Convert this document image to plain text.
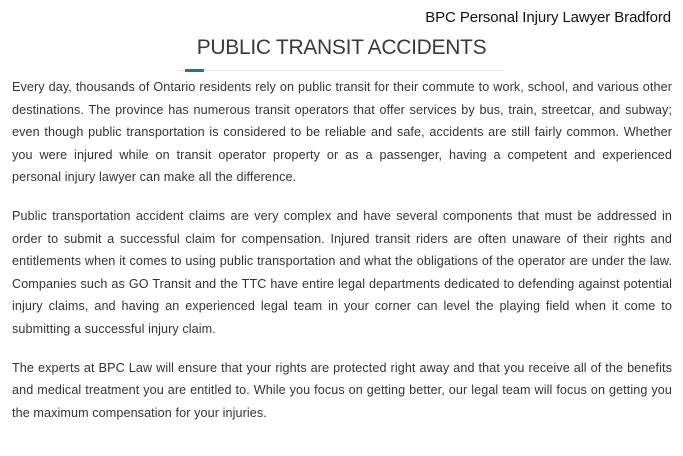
BPC Personal Injury Lawyer Bradford
PUBLIC TRANSIT ACCIDENTS

Every day, thousands of Ontario residents rely on public transit for their commute to work, school, and various other destinations. The province has numerous transit operators that offer services by bus, train, streetcar, and subway; even though public transportation is considered to be reliable and safe, accidents are still fairly common. Whether you were injured while on transit operator property or as a passenger, having a competent and experienced personal injury lawyer can make all the difference.

Public transportation accident claims are very complex and have several components that must be addressed in order to submit a successful claim for compensation. Injured transit riders are often unaware of their rights and entitlements when it comes to using public transportation and what the obligations of the operator are under the law. Companies such as GO Transit and the TTC have entire legal departments dedicated to defending against potential injury claims, and having an experienced legal team in your corner can level the playing field when it come to submitting a successful injury claim.

The experts at BPC Law will ensure that your rights are protected right away and that you receive all of the benefits and medical treatment you are entitled to. While you focus on getting better, our legal team will focus on getting you the maximum compensation for your injuries.
